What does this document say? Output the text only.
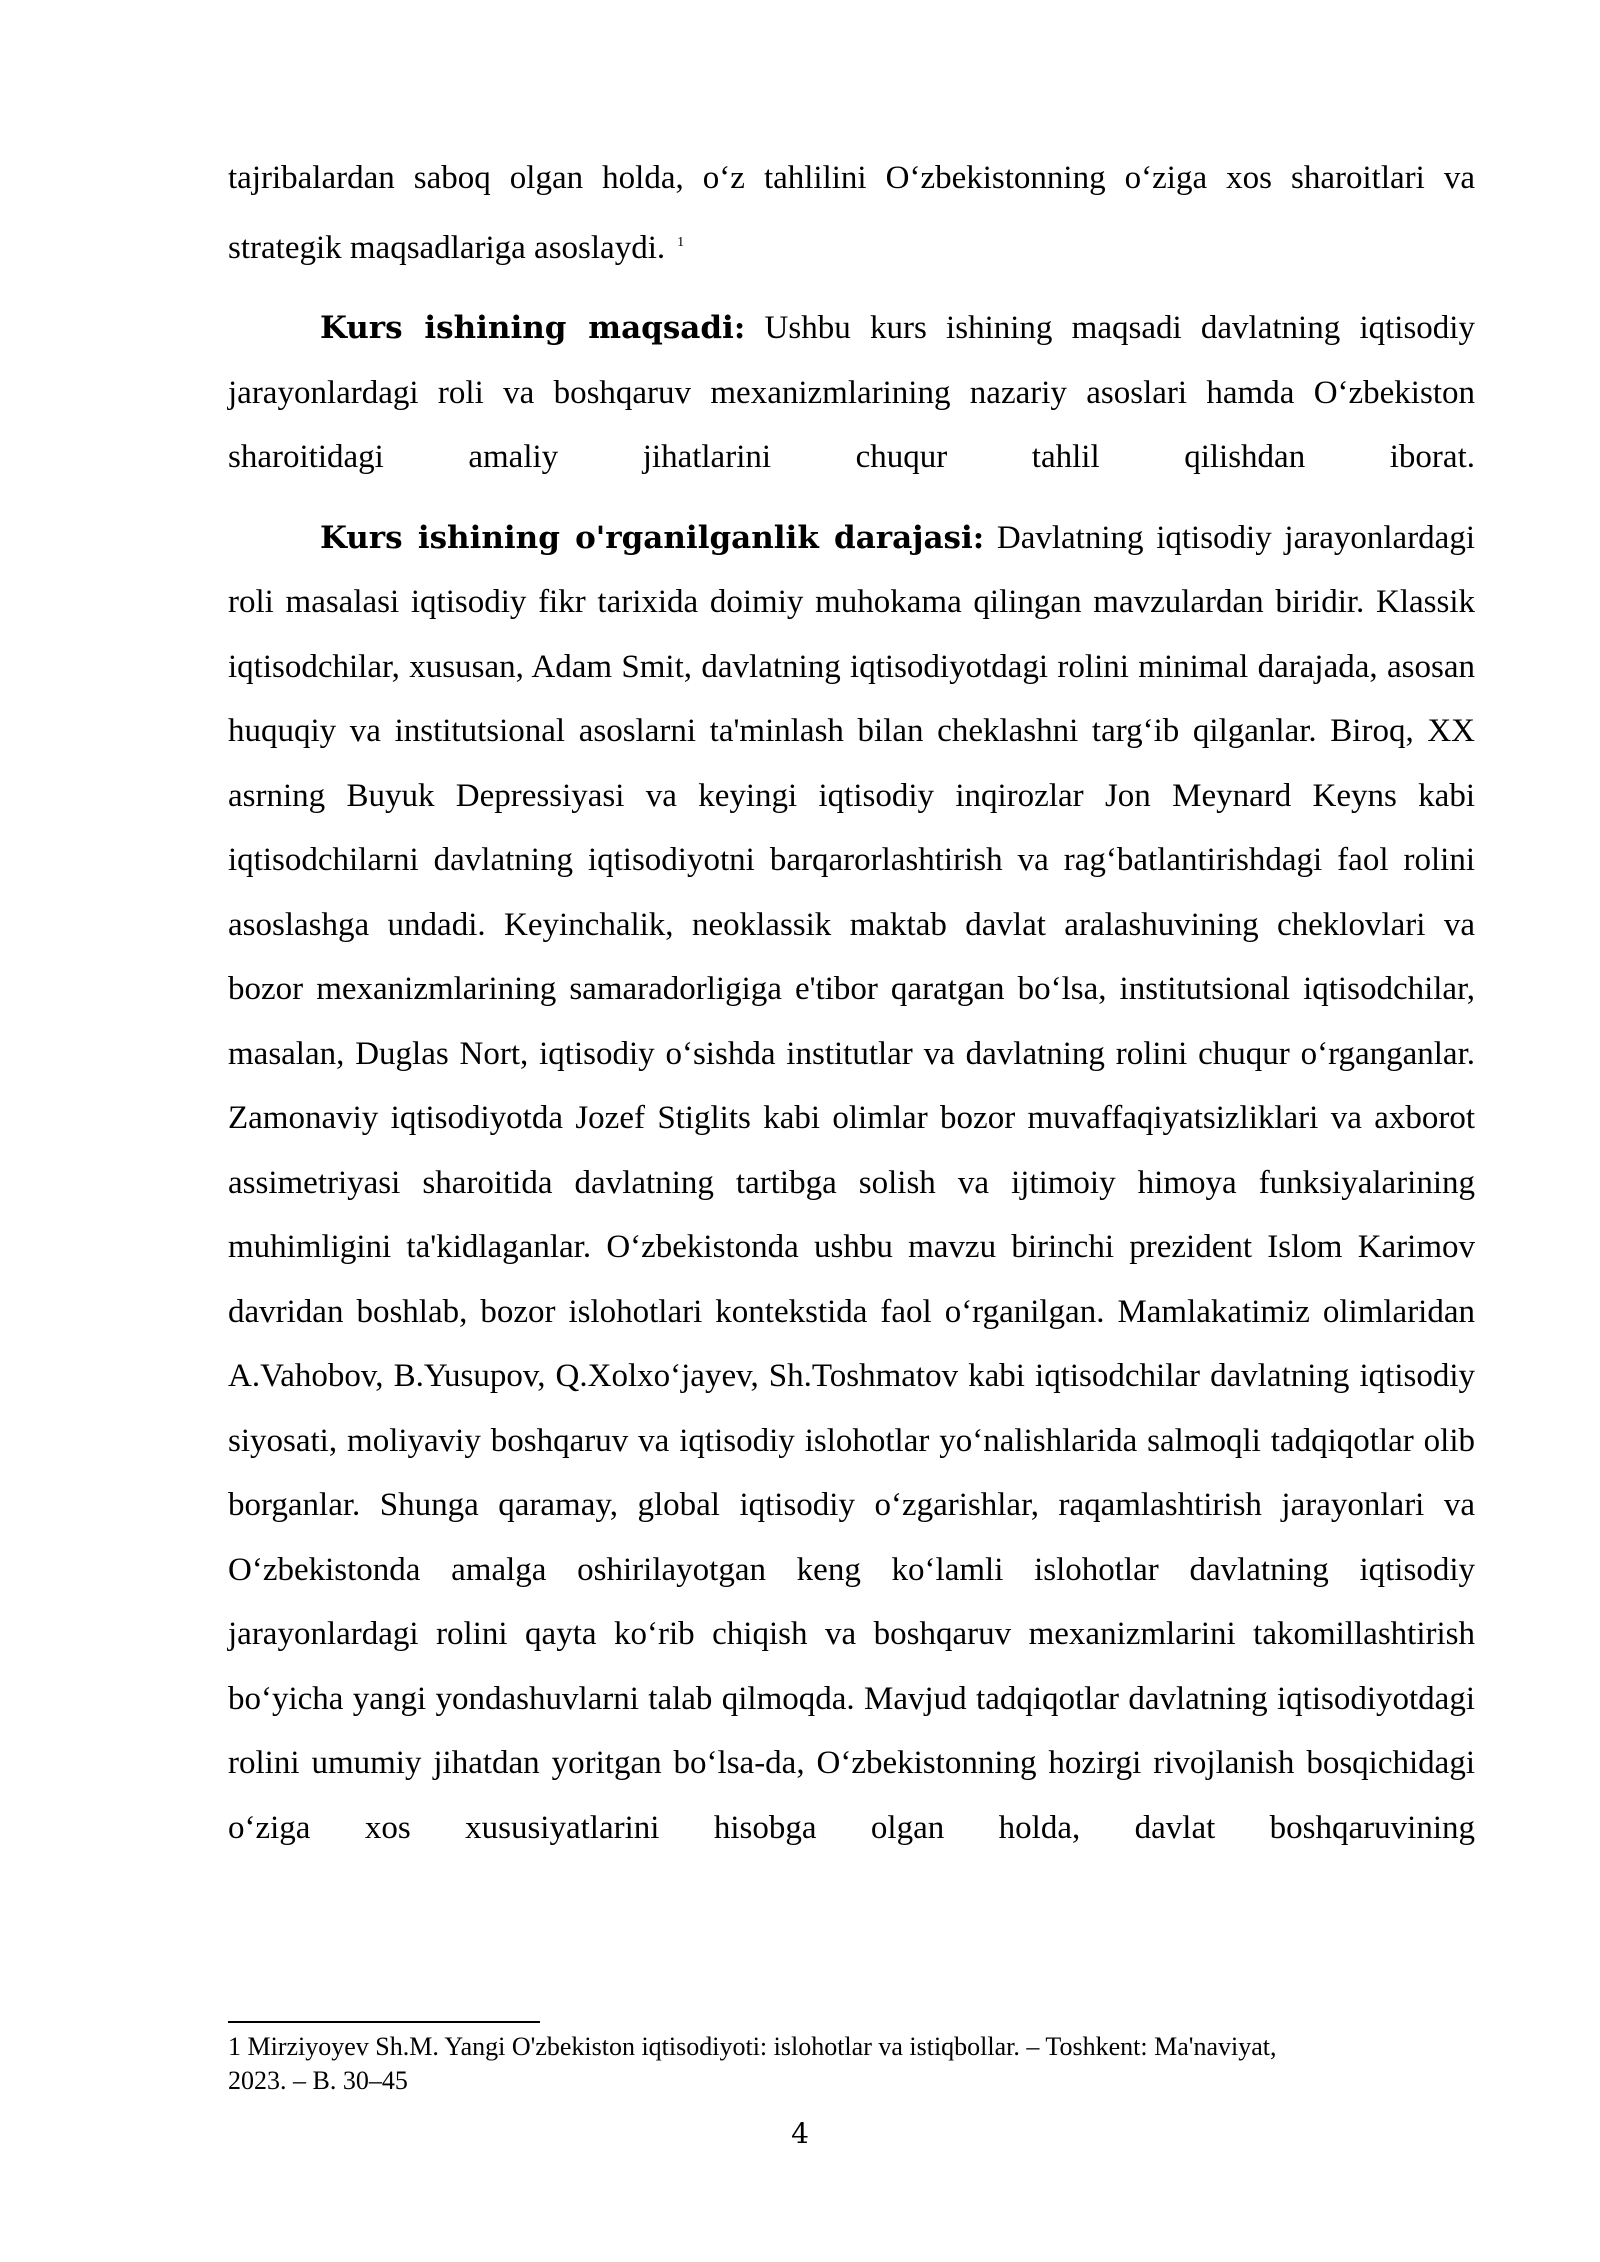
tajribalardan saboq olgan holda, o‘z tahlilini O‘zbekistonning o‘ziga xos sharoitlari va strategik maqsadlariga asoslaydi. $^1$

Kurs ishining maqsadi: Ushbu kurs ishining maqsadi davlatning iqtisodiy jarayonlardagi roli va boshqaruv mexanizmlarining nazariy asoslari hamda O‘zbekiston sharoitidagi amaliy jihatlarini chuqur tahlil qilishdan iborat.

Kurs ishining o'rganilganlik darajasi: Davlatning iqtisodiy jarayonlardagi roli masalasi iqtisodiy fikr tarixida doimiy muhokama qilingan mavzulardan biridir. Klassik iqtisodchilar, xususan, Adam Smit, davlatning iqtisodiyotdagi rolini minimal darajada, asosan huquqiy va institutsional asoslarni ta'minlash bilan cheklashni targ‘ib qilganlar. Biroq, XX asrning Buyuk Depressiyasi va keyingi iqtisodiy inqirozlar Jon Meynard Keyns kabi iqtisodchilarni davlatning iqtisodiyotni barqarorlashtirish va rag‘batlantirishdagi faol rolini asoslashga undadi. Keyinchalik, neoklassik maktab davlat aralashuvining cheklovlari va bozor mexanizmlarining samaradorligiga e'tibor qaratgan bo‘lsa, institutsional iqtisodchilar, masalan, Duglas Nort, iqtisodiy o‘sishda institutlar va davlatning rolini chuqur o‘rganganlar. Zamonaviy iqtisodiyotda Jozef Stiglits kabi olimlar bozor muvaffaqiyatsizliklari va axborot assimetriyasi sharoitida davlatning tartibga solish va ijtimoiy himoya funksiyalarining muhimligini ta'kidlaganlar. O‘zbekistonda ushbu mavzu birinchi prezident Islom Karimov davridan boshlab, bozor islohotlari kontekstida faol o‘rganilgan. Mamlakatimiz olimlaridan A.Vahobov, B.Yusupov, Q.Xolxo‘jayev, Sh.Toshmatov kabi iqtisodchilar davlatning iqtisodiy siyosati, moliyaviy boshqaruv va iqtisodiy islohotlar yo‘nalishlarida salmoqli tadqiqotlar olib borganlar. Shunga qaramay, global iqtisodiy o‘zgarishlar, raqamlashtirish jarayonlari va O‘zbekistonda amalga oshirilayotgan keng ko‘lamli islohotlar davlatning iqtisodiy jarayonlardagi rolini qayta ko‘rib chiqish va boshqaruv mexanizmlarini takomillashtirish bo‘yicha yangi yondashuvlarni talab qilmoqda. Mavjud tadqiqotlar davlatning iqtisodiyotdagi rolini umumiy jihatdan yoritgan bo‘lsa-da, O‘zbekistonning hozirgi rivojlanish bosqichidagi o‘ziga xos xususiyatlarini hisobga olgan holda, davlat boshqaruvining

1 Mirziyoyev Sh.M. Yangi O'zbekiston iqtisodiyoti: islohotlar va istiqbollar. – Toshkent: Ma'naviyat,
2023. – B. 30–45
4
